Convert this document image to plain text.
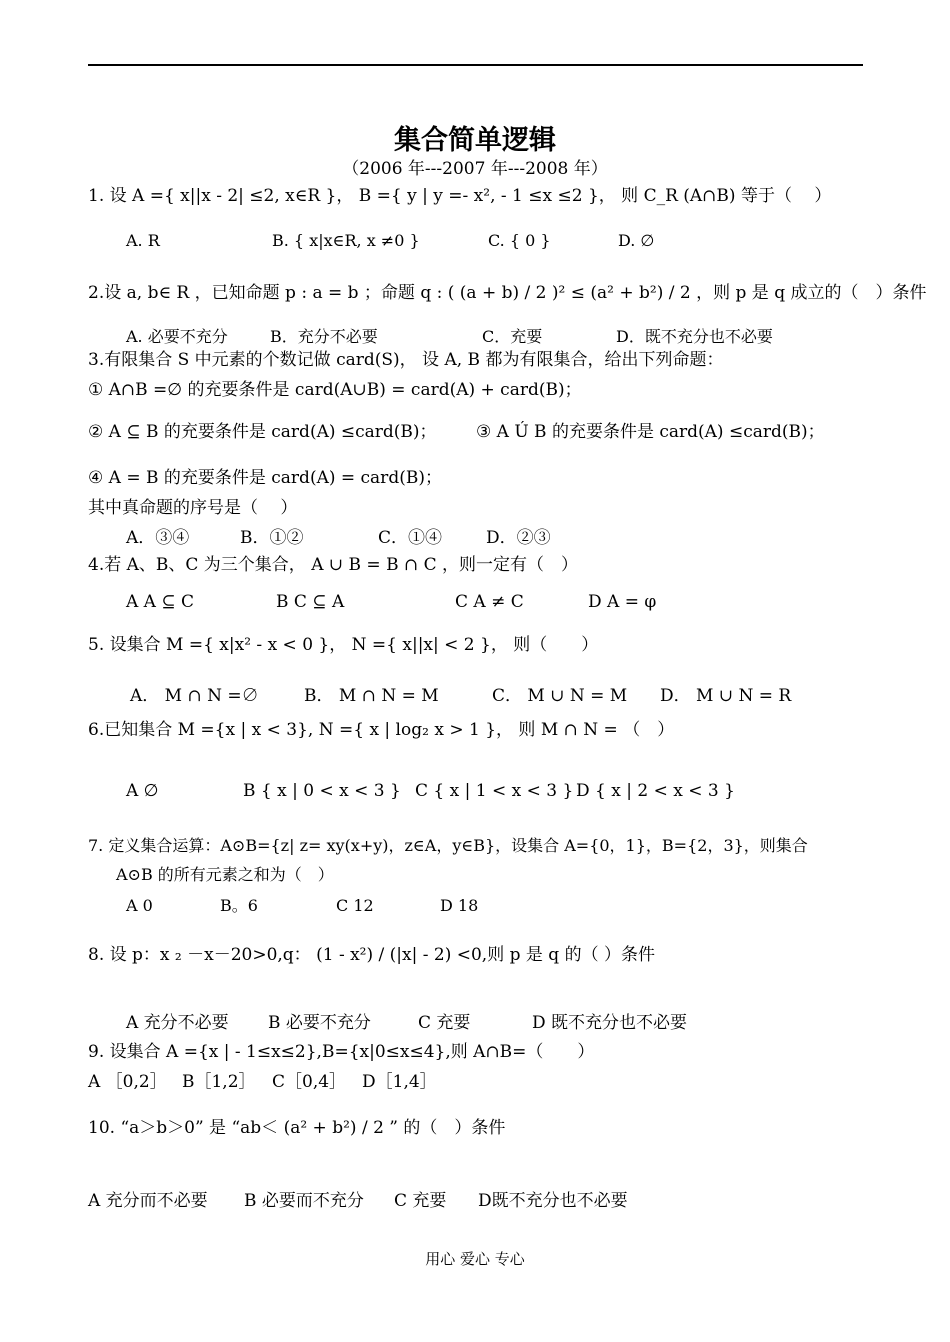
集合简单逻辑
（2006 年---2007 年---2008 年）
1. 设 A ={ x||x - 2| ≤2, x∈R }， B ={ y | y =- x², - 1 ≤x ≤2 }， 则 C_R (A∩B) 等于（　 ）
A. R	B. { x|x∈R, x ≠0 }	C. { 0 }	D. ∅
2.设 a, b∈ R ，已知命题 p : a = b ；命题 q : ( (a + b) / 2 )² ≤ (a² + b²) / 2 ，则 p 是 q 成立的（　）条件
A. 必要不充分	B．充分不必要	C．充要	D．既不充分也不必要
3.有限集合 S 中元素的个数记做 card(S)， 设 A, B 都为有限集合，给出下列命题：
① A∩B =∅ 的充要条件是 card(A∪B) = card(A) + card(B)；
② A ⊆ B 的充要条件是 card(A) ≤card(B)； ③ A Ú B 的充要条件是 card(A) ≤card(B)；
④ A = B 的充要条件是 card(A) = card(B)；
其中真命题的序号是（　 ）
A．③④	B．①②	C．①④	D．②③
4.若 A、B、C 为三个集合， A ∪ B = B ∩ C ，则一定有（　）
A A ⊆ C	B C ⊆ A	C A ≠ C	D A = φ
5. 设集合 M ={ x|x² - x < 0 }， N ={ x||x| < 2 }， 则（　　）
A． M ∩ N =∅	B． M ∩ N = M	C． M ∪ N = M D． M ∪ N = R
6.已知集合 M ={x | x < 3}, N ={ x | log₂ x > 1 }， 则 M ∩ N = （　）
A ∅	B { x | 0 < x < 3 } C { x | 1 < x < 3 } D { x | 2 < x < 3 }
7. 定义集合运算：A⊙B={z| z= xy(x+y)，z∈A，y∈B}，设集合 A={0，1}，B={2，3}，则集合
A⊙B 的所有元素之和为（　）
A 0	B。6	C 12	D 18
8. 设 p：x ₂ －x－20>0,q： (1 - x²) / (|x| - 2) <0,则 p 是 q 的（ ）条件
A 充分不必要 B 必要不充分	C 充要	D 既不充分也不必要
9. 设集合 A ={x | - 1≤x≤2},B={x|0≤x≤4},则 A∩B=（　　）
A ［0,2］ B［1,2］ C［0,4］ D［1,4］
10. “a＞b＞0” 是 “ab＜ (a² + b²) / 2 ” 的（　）条件
A 充分而不必要 B 必要而不充分 C 充要 D既不充分也不必要
用心 爱心 专心
